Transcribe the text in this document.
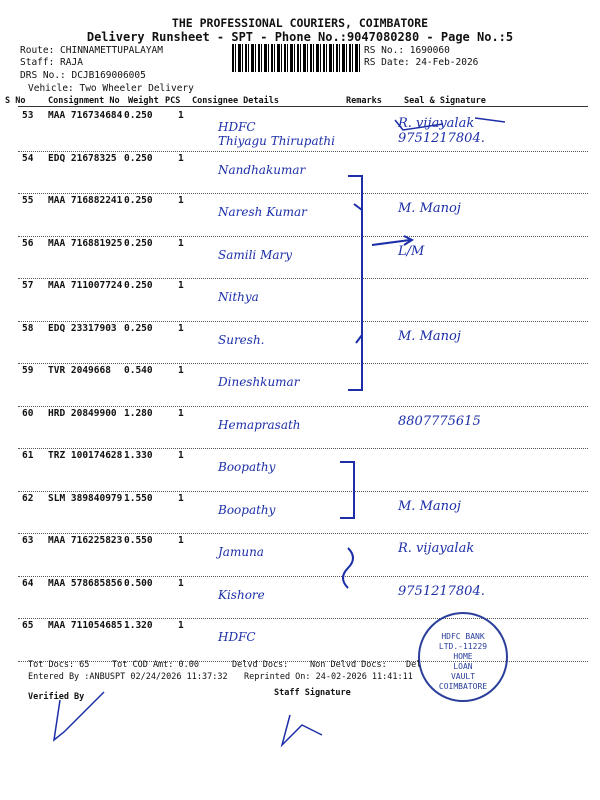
THE PROFESSIONAL COURIERS, COIMBATORE
Delivery Runsheet - SPT - Phone No.:9047080280 - Page No.:5
Route: CHINNAMETTUPALAYAM
Staff: RAJA
DRS No.: DCJB169006005
Vehicle: Two Wheeler Delivery
RS No.: 1690060
RS Date: 24-Feb-2026
S No	Consignment No Weight PCS Consignee Details	Remarks	Seal & Signature
53 MAA 716734684 0.250	1
HDFC
Thiyagu Thirupathi
R. vijayalak
9751217804.
54 EDQ 21678325 0.250	1
Nandhakumar
55 MAA 716882241 0.250	1
Naresh Kumar	M. Manoj
56 MAA 716881925 0.250	1
Samili Mary	L/M
57 MAA 711007724 0.250	1
Nithya
58 EDQ 23317903 0.250	1
Suresh.	M. Manoj
59 TVR 2049668 0.540	1
Dineshkumar
60 HRD 20849900 1.280	1
Hemaprasath	8807775615
61 TRZ 100174628 1.330	1
Boopathy
62 SLM 389840979 1.550	1
Boopathy	M. Manoj
63 MAA 716225823 0.550	1
Jamuna	R. vijayalak
64 MAA 578685856 0.500	1
Kishore	9751217804.
65 MAA 711054685 1.320	1
HDFC	HDFC BANK LTD.-11229
HOME
LOAN
VAULT
COIMBATORE
Tot Docs: 65	Tot COD Amt: 0.00	Delvd Docs:	Non Delvd Docs: Del
Entered By :ANBUSPT 02/24/2026 11:37:32 Reprinted On: 24-02-2026 11:41:11
Verified By	Staff Signature
